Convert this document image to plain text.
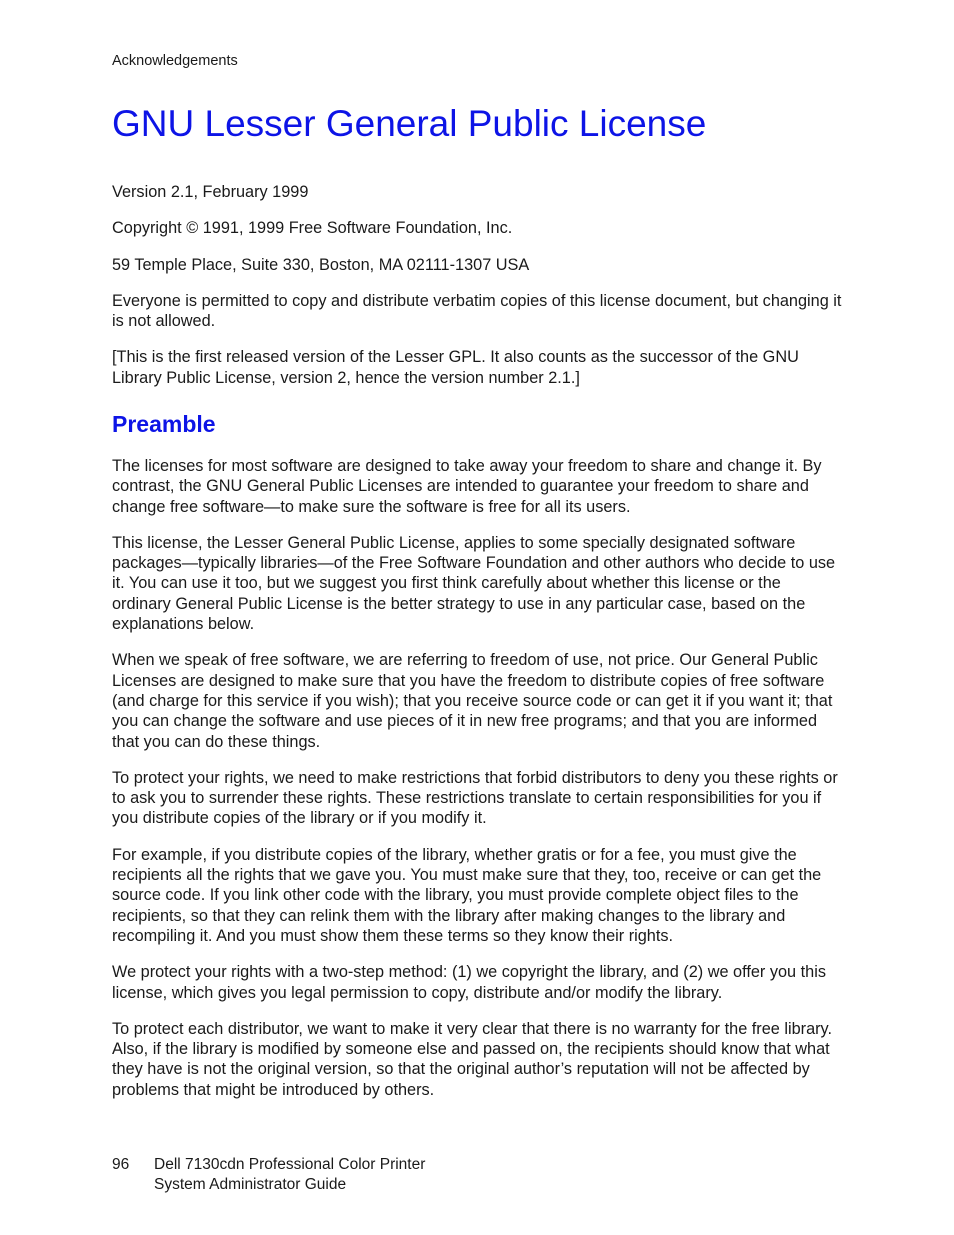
Acknowledgements

GNU Lesser General Public License

Version 2.1, February 1999

Copyright © 1991, 1999 Free Software Foundation, Inc.

59 Temple Place, Suite 330, Boston, MA 02111-1307 USA

Everyone is permitted to copy and distribute verbatim copies of this license document, but changing it is not allowed.

[This is the first released version of the Lesser GPL. It also counts as the successor of the GNU Library Public License, version 2, hence the version number 2.1.]

Preamble

The licenses for most software are designed to take away your freedom to share and change it. By contrast, the GNU General Public Licenses are intended to guarantee your freedom to share and change free software—to make sure the software is free for all its users.

This license, the Lesser General Public License, applies to some specially designated software packages—typically libraries—of the Free Software Foundation and other authors who decide to use it. You can use it too, but we suggest you first think carefully about whether this license or the ordinary General Public License is the better strategy to use in any particular case, based on the explanations below.

When we speak of free software, we are referring to freedom of use, not price. Our General Public Licenses are designed to make sure that you have the freedom to distribute copies of free software (and charge for this service if you wish); that you receive source code or can get it if you want it; that you can change the software and use pieces of it in new free programs; and that you are informed that you can do these things.

To protect your rights, we need to make restrictions that forbid distributors to deny you these rights or to ask you to surrender these rights. These restrictions translate to certain responsibilities for you if you distribute copies of the library or if you modify it.

For example, if you distribute copies of the library, whether gratis or for a fee, you must give the recipients all the rights that we gave you. You must make sure that they, too, receive or can get the source code. If you link other code with the library, you must provide complete object files to the recipients, so that they can relink them with the library after making changes to the library and recompiling it. And you must show them these terms so they know their rights.

We protect your rights with a two-step method: (1) we copyright the library, and (2) we offer you this license, which gives you legal permission to copy, distribute and/or modify the library.

To protect each distributor, we want to make it very clear that there is no warranty for the free library. Also, if the library is modified by someone else and passed on, the recipients should know that what they have is not the original version, so that the original author’s reputation will not be affected by problems that might be introduced by others.

96	Dell 7130cdn Professional Color Printer
System Administrator Guide
